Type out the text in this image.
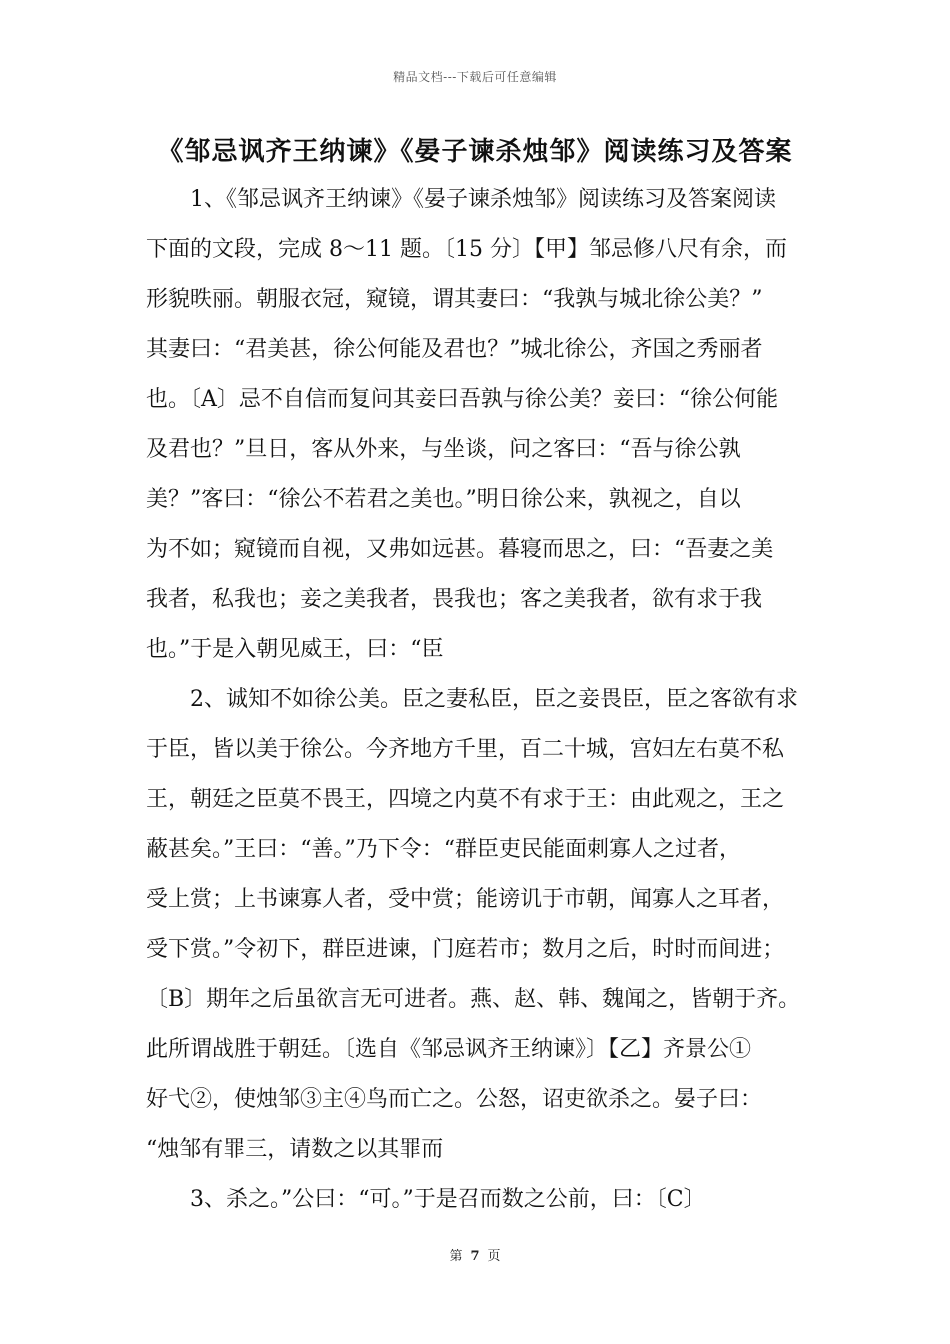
精品文档---下载后可任意编辑
《邹忌讽齐王纳谏》《晏子谏杀烛邹》阅读练习及答案
1、《邹忌讽齐王纳谏》《晏子谏杀烛邹》阅读练习及答案阅读
下面的文段，完成 8～11 题。〔15 分〕【甲】邹忌修八尺有余，而
形貌昳丽。朝服衣冠，窥镜，谓其妻曰：“我孰与城北徐公美？”
其妻曰：“君美甚，徐公何能及君也？”城北徐公，齐国之秀丽者
也。〔A〕忌不自信而复问其妾曰吾孰与徐公美？妾曰：“徐公何能
及君也？”旦日，客从外来，与坐谈，问之客曰：“吾与徐公孰
美？”客曰：“徐公不若君之美也。”明日徐公来，孰视之，自以
为不如；窥镜而自视，又弗如远甚。暮寝而思之，曰：“吾妻之美
我者，私我也；妾之美我者，畏我也；客之美我者，欲有求于我
也。”于是入朝见威王，曰：“臣
2、诚知不如徐公美。臣之妻私臣，臣之妾畏臣，臣之客欲有求
于臣，皆以美于徐公。今齐地方千里，百二十城，宫妇左右莫不私
王，朝廷之臣莫不畏王，四境之内莫不有求于王：由此观之，王之
蔽甚矣。”王曰：“善。”乃下令：“群臣吏民能面刺寡人之过者，
受上赏；上书谏寡人者，受中赏；能谤讥于市朝，闻寡人之耳者，
受下赏。”令初下，群臣进谏，门庭若市；数月之后，时时而间进；
〔B〕期年之后虽欲言无可进者。燕、赵、韩、魏闻之，皆朝于齐。
此所谓战胜于朝廷。〔选自《邹忌讽齐王纳谏》〕【乙】齐景公①
好弋②，使烛邹③主④鸟而亡之。公怒，诏吏欲杀之。晏子曰：
“烛邹有罪三，请数之以其罪而
3、杀之。”公曰：“可。”于是召而数之公前，曰：〔C〕
第 7 页
